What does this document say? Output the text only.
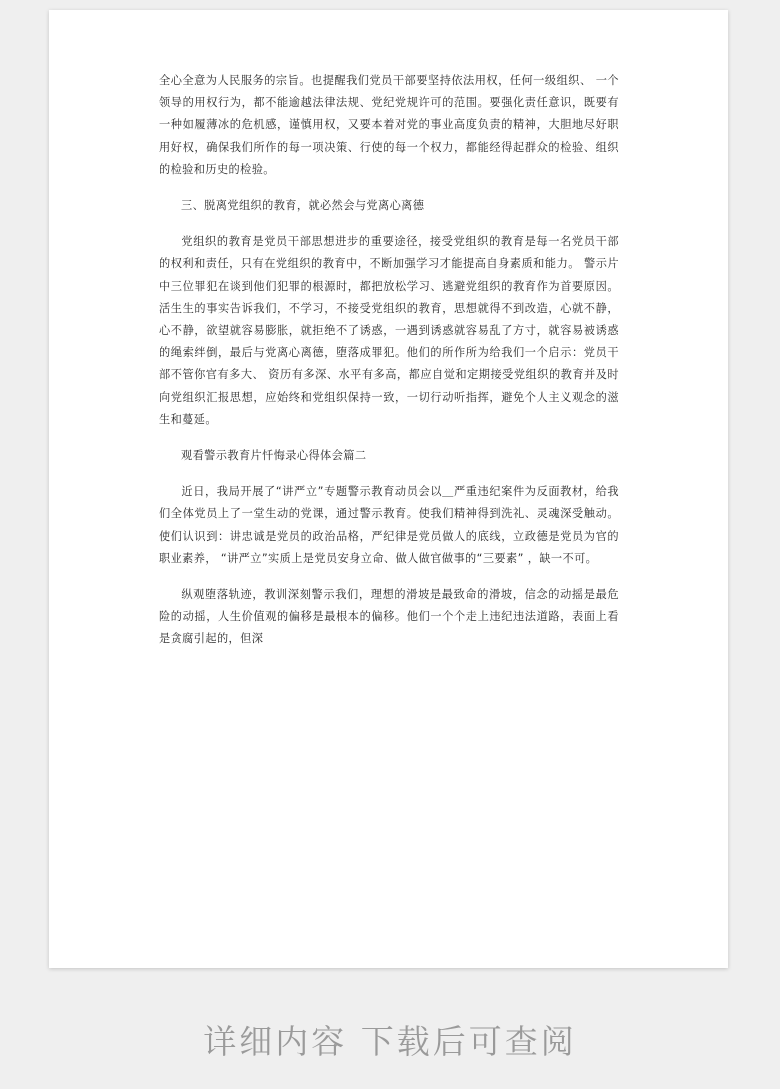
全心全意为人民服务的宗旨。也提醒我们党员干部要坚持依法用权，任何一级组织、 一个领导的用权行为，都不能逾越法律法规、党纪党规许可的范围。要强化责任意识，既要有一种如履薄冰的危机感，谨慎用权，又要本着对党的事业高度负责的精神，大胆地尽好职用好权，确保我们所作的每一项决策、行使的每一个权力，都能经得起群众的检验、组织的检验和历史的检验。

三、脱离党组织的教育，就必然会与党离心离德

党组织的教育是党员干部思想进步的重要途径，接受党组织的教育是每一名党员干部的权利和责任，只有在党组织的教育中，不断加强学习才能提高自身素质和能力。 警示片中三位罪犯在谈到他们犯罪的根源时，都把放松学习、逃避党组织的教育作为首要原因。活生生的事实告诉我们，不学习，不接受党组织的教育，思想就得不到改造，心就不静，心不静，欲望就容易膨胀，就拒绝不了诱惑，一遇到诱惑就容易乱了方寸，就容易被诱惑的绳索绊倒，最后与党离心离德，堕落成罪犯。他们的所作所为给我们一个启示：党员干部不管你官有多大、 资历有多深、水平有多高，都应自觉和定期接受党组织的教育并及时向党组织汇报思想，应始终和党组织保持一致，一切行动听指挥，避免个人主义观念的滋生和蔓延。

观看警示教育片忏悔录心得体会篇二

近日，我局开展了“讲严立”专题警示教育动员会以＿严重违纪案件为反面教材，给我们全体党员上了一堂生动的党课，通过警示教育。使我们精神得到洗礼、灵魂深受触动。使们认识到：讲忠诚是党员的政治品格，严纪律是党员做人的底线，立政德是党员为官的职业素养， “讲严立”实质上是党员安身立命、做人做官做事的“三要素” ，缺一不可。

纵观堕落轨迹，教训深刻警示我们，理想的滑坡是最致命的滑坡，信念的动摇是最危险的动摇，人生价值观的偏移是最根本的偏移。他们一个个走上违纪违法道路，表面上看是贪腐引起的，但深

详细内容 下载后可查阅
